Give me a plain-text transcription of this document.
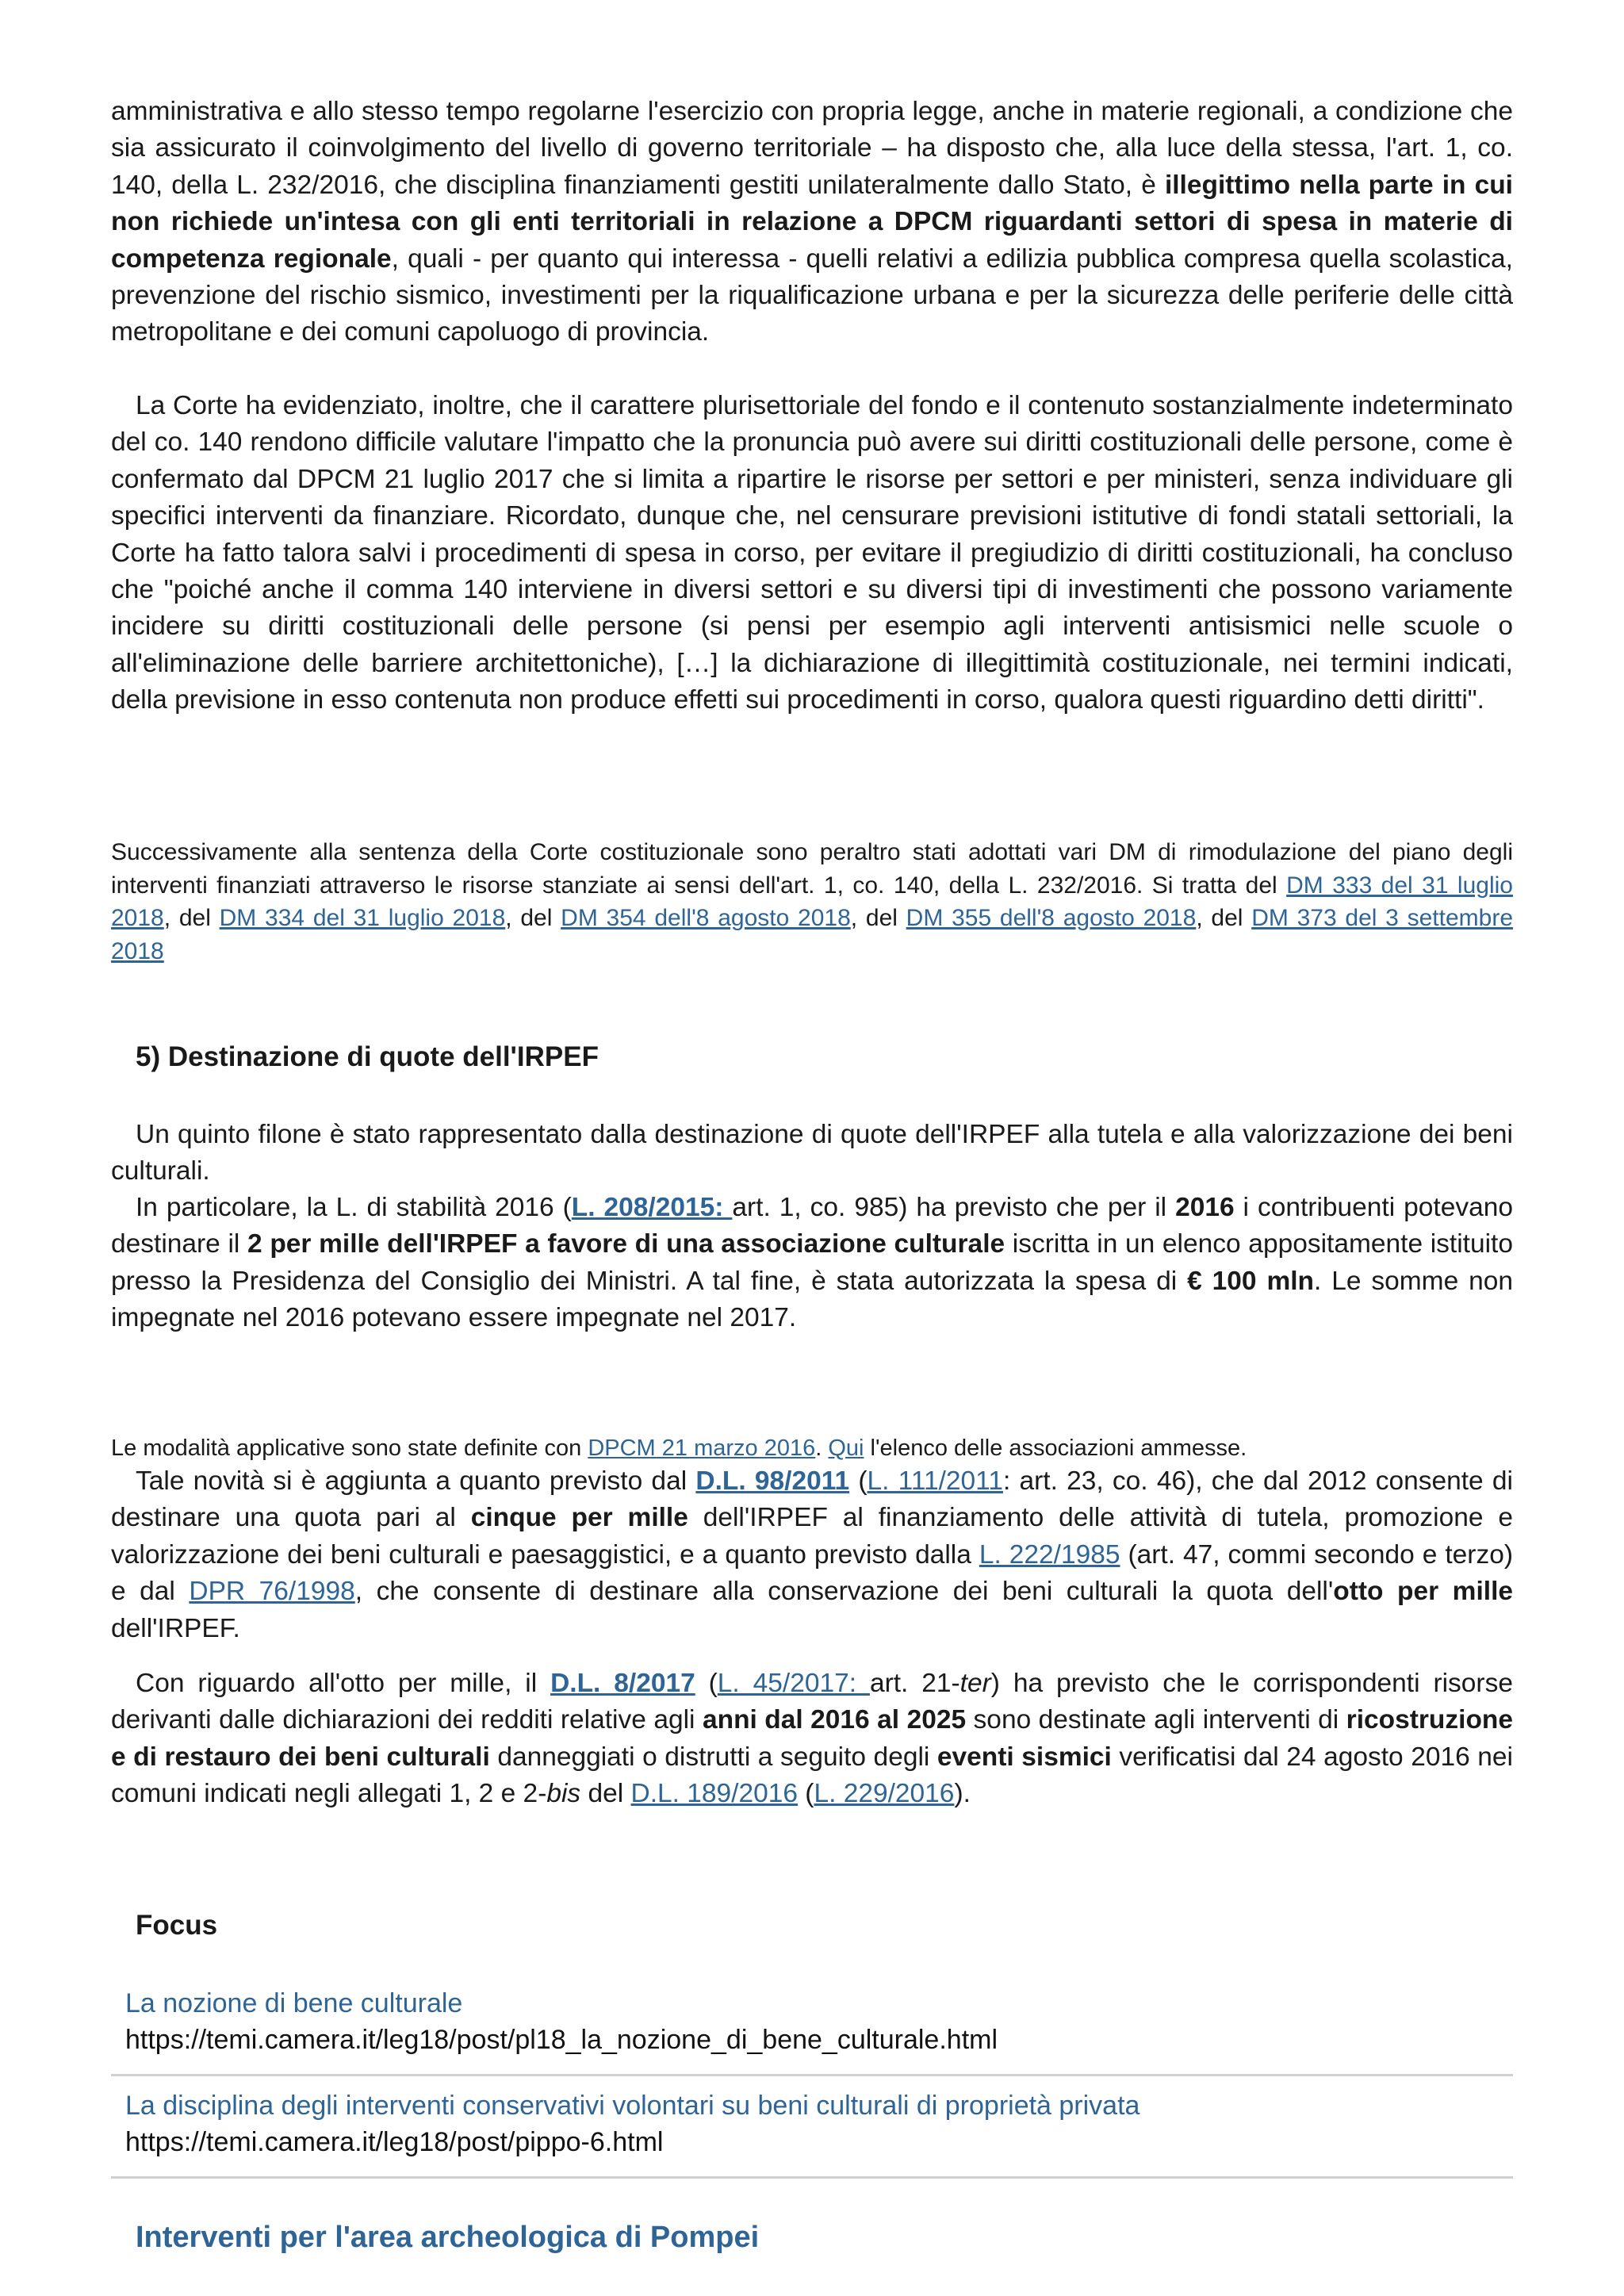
amministrativa e allo stesso tempo regolarne l'esercizio con propria legge, anche in materie regionali, a condizione che sia assicurato il coinvolgimento del livello di governo territoriale – ha disposto che, alla luce della stessa, l'art. 1, co. 140, della L. 232/2016, che disciplina finanziamenti gestiti unilateralmente dallo Stato, è illegittimo nella parte in cui non richiede un'intesa con gli enti territoriali in relazione a DPCM riguardanti settori di spesa in materie di competenza regionale, quali - per quanto qui interessa - quelli relativi a edilizia pubblica compresa quella scolastica, prevenzione del rischio sismico, investimenti per la riqualificazione urbana e per la sicurezza delle periferie delle città metropolitane e dei comuni capoluogo di provincia.

La Corte ha evidenziato, inoltre, che il carattere plurisettoriale del fondo e il contenuto sostanzialmente indeterminato del co. 140 rendono difficile valutare l'impatto che la pronuncia può avere sui diritti costituzionali delle persone, come è confermato dal DPCM 21 luglio 2017 che si limita a ripartire le risorse per settori e per ministeri, senza individuare gli specifici interventi da finanziare. Ricordato, dunque che, nel censurare previsioni istitutive di fondi statali settoriali, la Corte ha fatto talora salvi i procedimenti di spesa in corso, per evitare il pregiudizio di diritti costituzionali, ha concluso che "poiché anche il comma 140 interviene in diversi settori e su diversi tipi di investimenti che possono variamente incidere su diritti costituzionali delle persone (si pensi per esempio agli interventi antisismici nelle scuole o all'eliminazione delle barriere architettoniche), […] la dichiarazione di illegittimità costituzionale, nei termini indicati, della previsione in esso contenuta non produce effetti sui procedimenti in corso, qualora questi riguardino detti diritti".

Successivamente alla sentenza della Corte costituzionale sono peraltro stati adottati vari DM di rimodulazione del piano degli interventi finanziati attraverso le risorse stanziate ai sensi dell'art. 1, co. 140, della L. 232/2016. Si tratta del DM 333 del 31 luglio 2018, del DM 334 del 31 luglio 2018, del DM 354 dell'8 agosto 2018, del DM 355 dell'8 agosto 2018, del DM 373 del 3 settembre 2018

5) Destinazione di quote dell'IRPEF

Un quinto filone è stato rappresentato dalla destinazione di quote dell'IRPEF alla tutela e alla valorizzazione dei beni culturali.

In particolare, la L. di stabilità 2016 (L. 208/2015: art. 1, co. 985) ha previsto che per il 2016 i contribuenti potevano destinare il 2 per mille dell'IRPEF a favore di una associazione culturale iscritta in un elenco appositamente istituito presso la Presidenza del Consiglio dei Ministri. A tal fine, è stata autorizzata la spesa di € 100 mln. Le somme non impegnate nel 2016 potevano essere impegnate nel 2017.

Le modalità applicative sono state definite con DPCM 21 marzo 2016. Qui l'elenco delle associazioni ammesse.

Tale novità si è aggiunta a quanto previsto dal D.L. 98/2011 (L. 111/2011: art. 23, co. 46), che dal 2012 consente di destinare una quota pari al cinque per mille dell'IRPEF al finanziamento delle attività di tutela, promozione e valorizzazione dei beni culturali e paesaggistici, e a quanto previsto dalla L. 222/1985 (art. 47, commi secondo e terzo) e dal DPR 76/1998, che consente di destinare alla conservazione dei beni culturali la quota dell'otto per mille dell'IRPEF.

Con riguardo all'otto per mille, il D.L. 8/2017 (L. 45/2017: art. 21-ter) ha previsto che le corrispondenti risorse derivanti dalle dichiarazioni dei redditi relative agli anni dal 2016 al 2025 sono destinate agli interventi di ricostruzione e di restauro dei beni culturali danneggiati o distrutti a seguito degli eventi sismici verificatisi dal 24 agosto 2016 nei comuni indicati negli allegati 1, 2 e 2-bis del D.L. 189/2016 (L. 229/2016).

Focus
La nozione di bene culturale
https://temi.camera.it/leg18/post/pl18_la_nozione_di_bene_culturale.html
La disciplina degli interventi conservativi volontari su beni culturali di proprietà privata
https://temi.camera.it/leg18/post/pippo-6.html
Interventi per l'area archeologica di Pompei
